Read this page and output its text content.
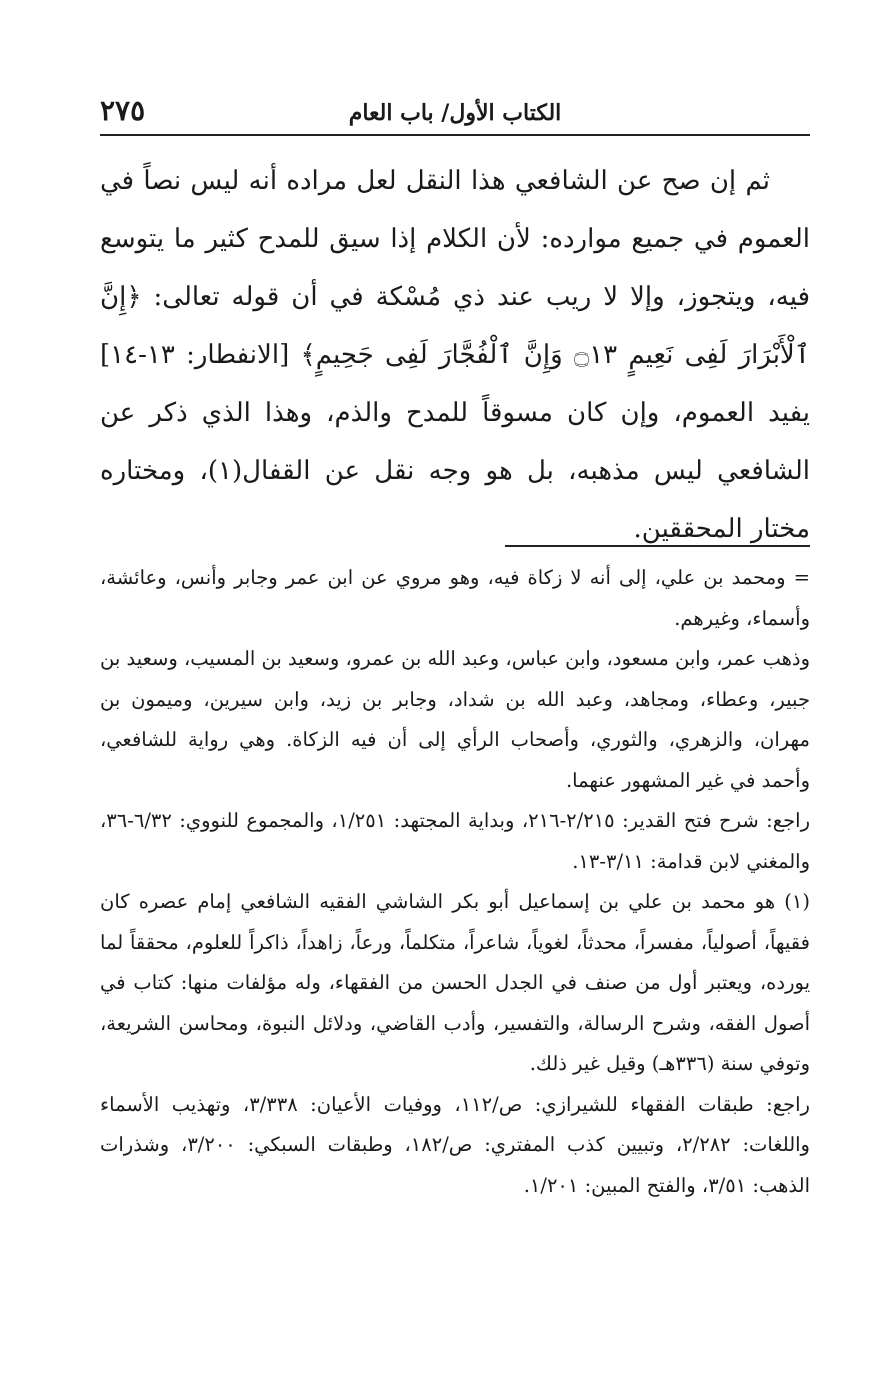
الكتاب الأول/ باب العام
٢٧٥

ثم إن صح عن الشافعي هذا النقل لعل مراده أنه ليس نصاً في العموم في جميع موارده: لأن الكلام إذا سيق للمدح كثير ما يتوسع فيه، ويتجوز، وإلا لا ريب عند ذي مُسْكة في أن قوله تعالى: ﴿إِنَّ ٱلْأَبْرَارَ لَفِى نَعِيمٍ ۝١٣ وَإِنَّ ٱلْفُجَّارَ لَفِى جَحِيمٍ﴾ [الانفطار: ١٣-١٤] يفيد العموم، وإن كان مسوقاً للمدح والذم، وهذا الذي ذكر عن الشافعي ليس مذهبه، بل هو وجه نقل عن القفال(١)، ومختاره مختار المحققين.

= ومحمد بن علي، إلى أنه لا زكاة فيه، وهو مروي عن ابن عمر وجابر وأنس، وعائشة، وأسماء، وغيرهم.

وذهب عمر، وابن مسعود، وابن عباس، وعبد الله بن عمرو، وسعيد بن المسيب، وسعيد بن جبير، وعطاء، ومجاهد، وعبد الله بن شداد، وجابر بن زيد، وابن سيرين، وميمون بن مهران، والزهري، والثوري، وأصحاب الرأي إلى أن فيه الزكاة. وهي رواية للشافعي، وأحمد في غير المشهور عنهما.

راجع: شرح فتح القدير: ٢/٢١٥-٢١٦، وبداية المجتهد: ١/٢٥١، والمجموع للنووي: ٦/٣٢-٣٦، والمغني لابن قدامة: ٣/١١-١٣.

(١) هو محمد بن علي بن إسماعيل أبو بكر الشاشي الفقيه الشافعي إمام عصره كان فقيهاً، أصولياً، مفسراً، محدثاً، لغوياً، شاعراً، متكلماً، ورعاً، زاهداً، ذاكراً للعلوم، محققاً لما يورده، ويعتبر أول من صنف في الجدل الحسن من الفقهاء، وله مؤلفات منها: كتاب في أصول الفقه، وشرح الرسالة، والتفسير، وأدب القاضي، ودلائل النبوة، ومحاسن الشريعة، وتوفي سنة (٣٣٦هـ) وقيل غير ذلك.

راجع: طبقات الفقهاء للشيرازي: ص/١١٢، ووفيات الأعيان: ٣/٣٣٨، وتهذيب الأسماء واللغات: ٢/٢٨٢، وتبيين كذب المفتري: ص/١٨٢، وطبقات السبكي: ٣/٢٠٠، وشذرات الذهب: ٣/٥١، والفتح المبين: ١/٢٠١.
